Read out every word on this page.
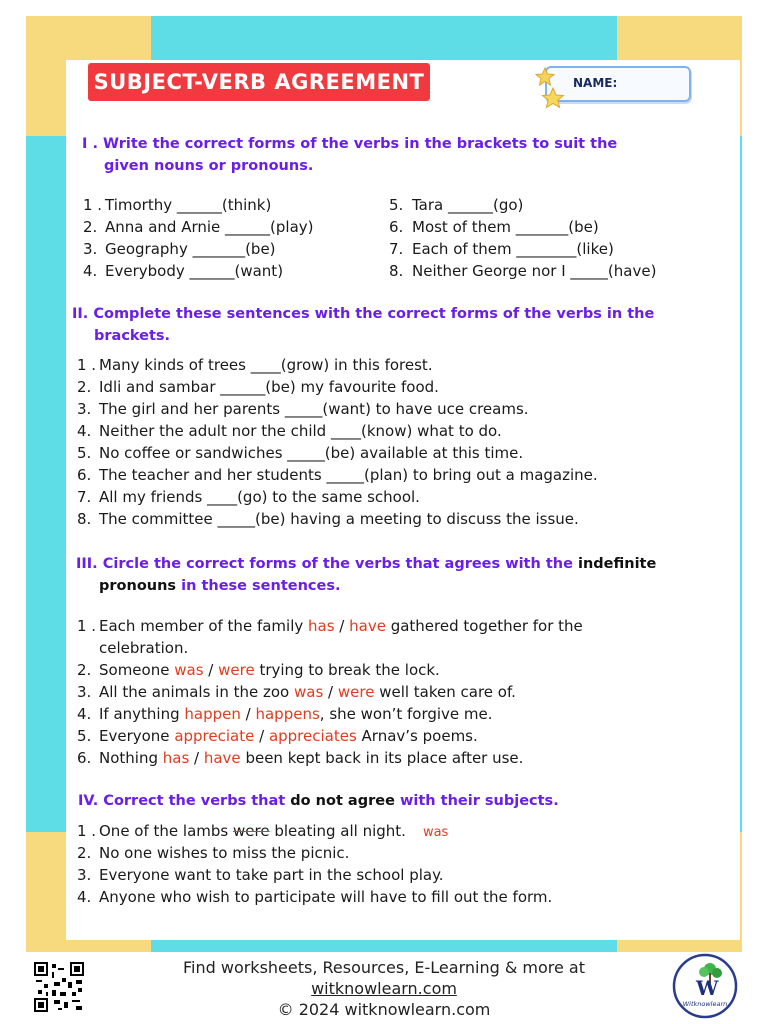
SUBJECT-VERB AGREEMENT	NAME:
I . Write the correct forms of the verbs in the brackets to suit the
given nouns or pronouns.
1 . Timorthy ______(think)
2. Anna and Arnie ______(play)
3. Geography _______(be)
4. Everybody ______(want)
5. Tara ______(go)
6. Most of them _______(be)
7. Each of them ________(like)
8. Neither George nor I _____(have)
II. Complete these sentences with the correct forms of the verbs in the
brackets.
1 . Many kinds of trees ____(grow) in this forest.
2. Idli and sambar ______(be) my favourite food.
3. The girl and her parents _____(want) to have uce creams.
4. Neither the adult nor the child ____(know) what to do.
5. No coffee or sandwiches _____(be) available at this time.
6. The teacher and her students _____(plan) to bring out a magazine.
7. All my friends ____(go) to the same school.
8. The committee _____(be) having a meeting to discuss the issue.
III. Circle the correct forms of the verbs that agrees with the indefinite
pronouns in these sentences.
1 . Each member of the family has / have gathered together for the
celebration.
2. Someone was / were trying to break the lock.
3. All the animals in the zoo was / were well taken care of.
4. If anything happen / happens, she won’t forgive me.
5. Everyone appreciate / appreciates Arnav’s poems.
6. Nothing has / have been kept back in its place after use.
IV. Correct the verbs that do not agree with their subjects.
1 . One of the lambs were bleating all night. was
2. No one wishes to miss the picnic.
3. Everyone want to take part in the school play.
4. Anyone who wish to participate will have to fill out the form.
Find worksheets, Resources, E-Learning & more at
witknowlearn.com
© 2024 witknowlearn.com
W
Witknowlearn
